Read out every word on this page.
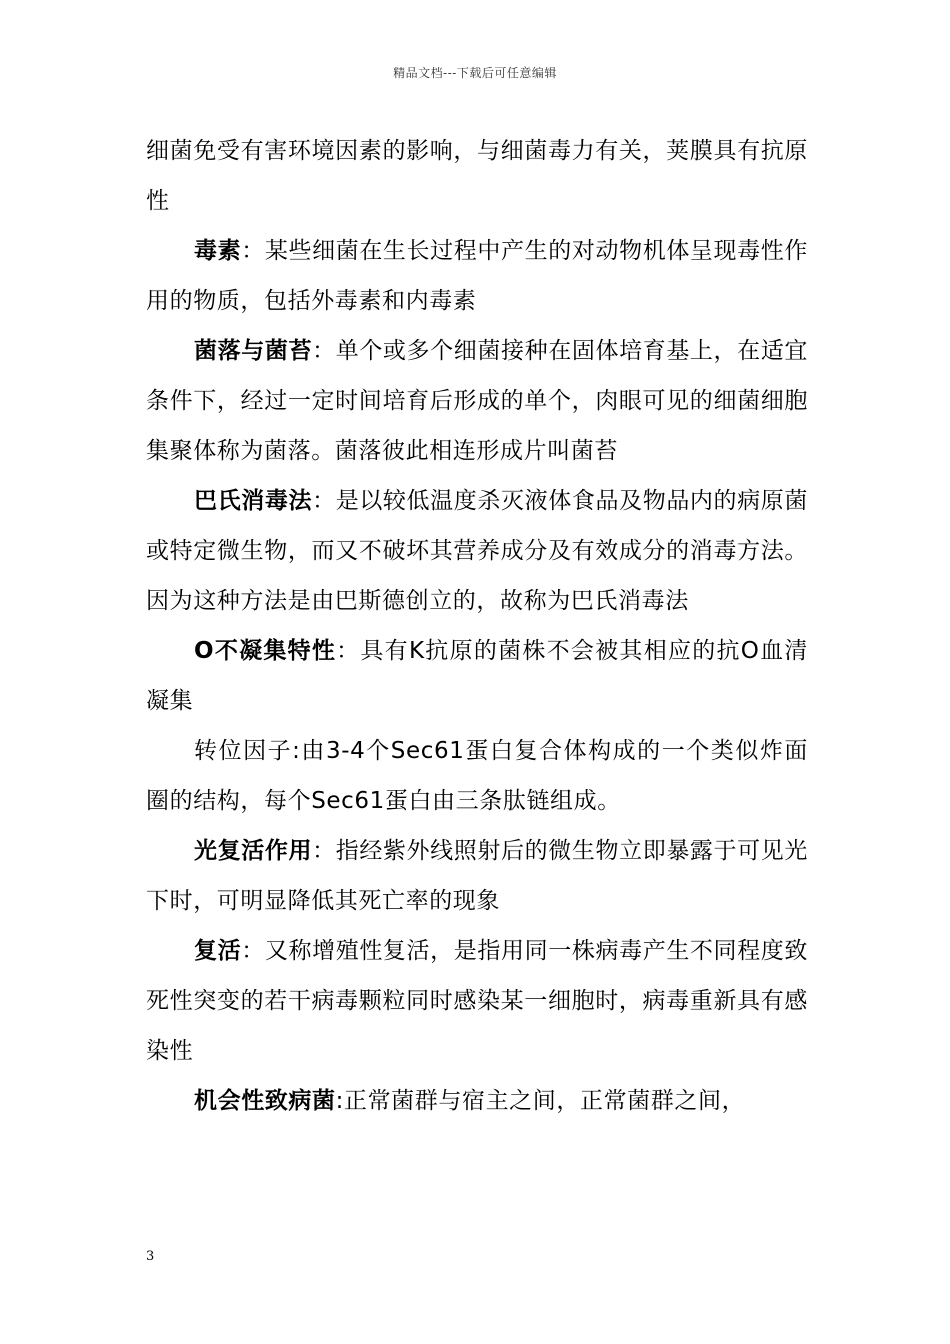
精品文档---下载后可任意编辑

细菌免受有害环境因素的影响，与细菌毒力有关，荚膜具有抗原性

毒素：某些细菌在生长过程中产生的对动物机体呈现毒性作用的物质，包括外毒素和内毒素

菌落与菌苔：单个或多个细菌接种在固体培育基上，在适宜条件下，经过一定时间培育后形成的单个，肉眼可见的细菌细胞集聚体称为菌落。菌落彼此相连形成片叫菌苔

巴氏消毒法：是以较低温度杀灭液体食品及物品内的病原菌或特定微生物，而又不破坏其营养成分及有效成分的消毒方法。因为这种方法是由巴斯德创立的，故称为巴氏消毒法

O不凝集特性：具有K抗原的菌株不会被其相应的抗O血清凝集

转位因子:由3-4个Sec61蛋白复合体构成的一个类似炸面圈的结构，每个Sec61蛋白由三条肽链组成。

光复活作用：指经紫外线照射后的微生物立即暴露于可见光下时，可明显降低其死亡率的现象

复活：又称增殖性复活，是指用同一株病毒产生不同程度致死性突变的若干病毒颗粒同时感染某一细胞时，病毒重新具有感染性

机会性致病菌:正常菌群与宿主之间，正常菌群之间，

3
